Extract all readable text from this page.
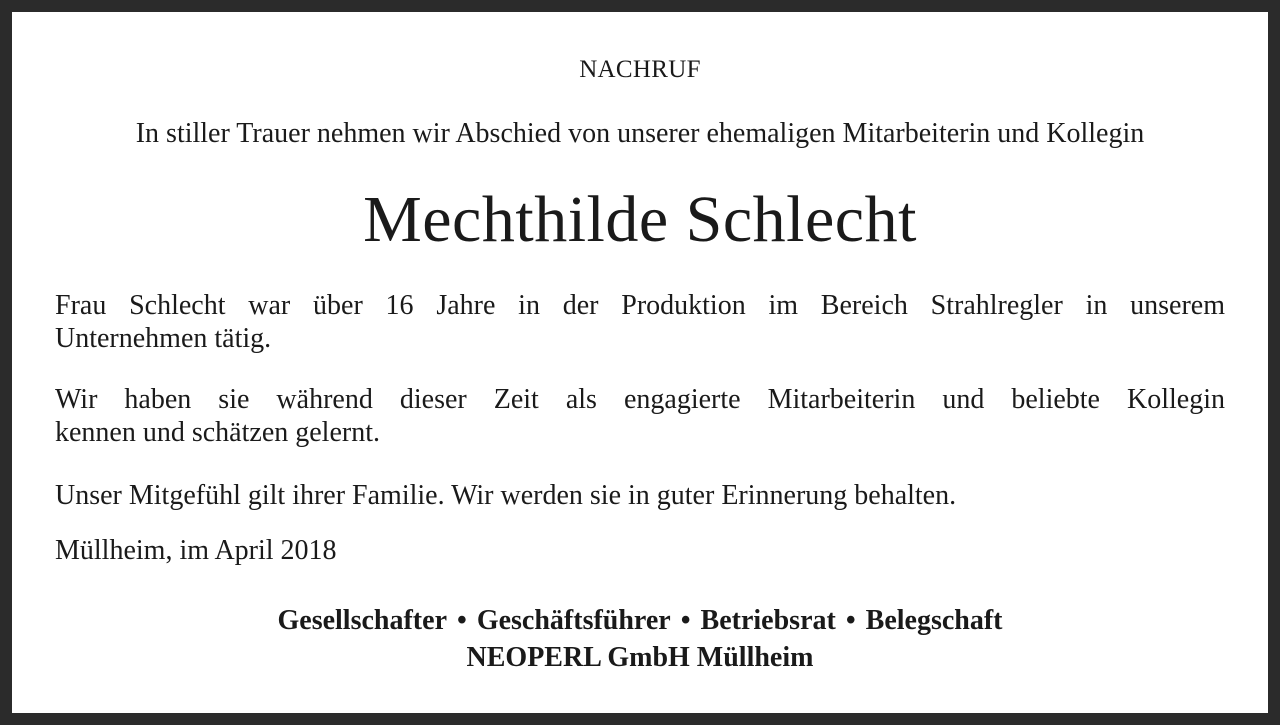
NACHRUF
In stiller Trauer nehmen wir Abschied von unserer ehemaligen Mitarbeiterin und Kollegin
Mechthilde Schlecht
Frau Schlecht war über 16 Jahre in der Produktion im Bereich Strahlregler in unserem
Unternehmen tätig.
Wir haben sie während dieser Zeit als engagierte Mitarbeiterin und beliebte Kollegin
kennen und schätzen gelernt.
Unser Mitgefühl gilt ihrer Familie. Wir werden sie in guter Erinnerung behalten.
Müllheim, im April 2018
Gesellschafter • Geschäftsführer • Betriebsrat • Belegschaft
NEOPERL GmbH Müllheim
